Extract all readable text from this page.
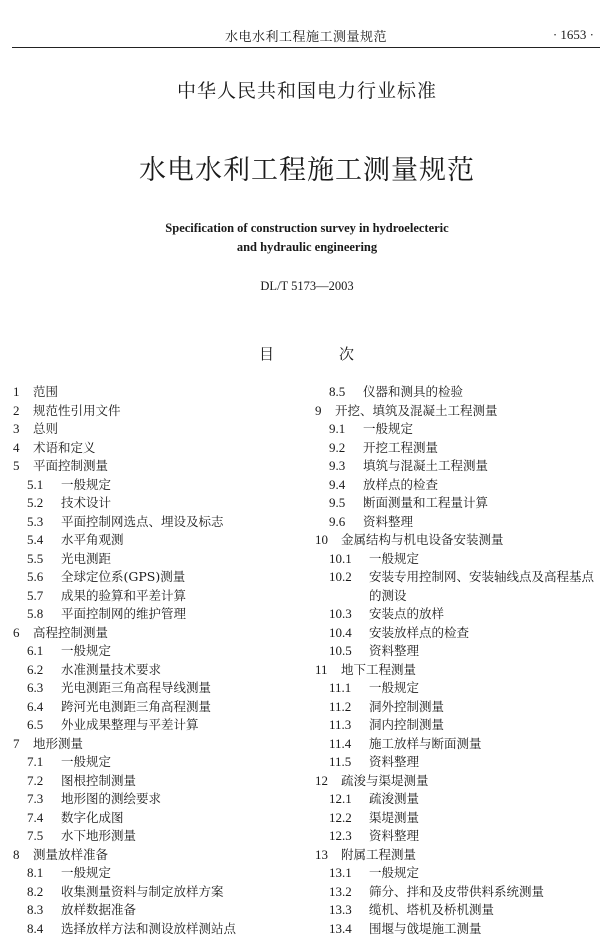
水电水利工程施工测量规范	· 1653 ·
中华人民共和国电力行业标准
水电水利工程施工测量规范
Specification of construction survey in hydroelecteric
and hydraulic engineering
DL/T 5173—2003
目	次
1 范围
2 规范性引用文件
3 总则
4 术语和定义
5 平面控制测量
5.1 一般规定
5.2 技术设计
5.3 平面控制网选点、埋设及标志
5.4 水平角观测
5.5 光电测距
5.6 全球定位系(GPS)测量
5.7 成果的验算和平差计算
5.8 平面控制网的维护管理
6 高程控制测量
6.1 一般规定
6.2 水准测量技术要求
6.3 光电测距三角高程导线测量
6.4 跨河光电测距三角高程测量
6.5 外业成果整理与平差计算
7 地形测量
7.1 一般规定
7.2 图根控制测量
7.3 地形图的测绘要求
7.4 数字化成图
7.5 水下地形测量
8 测量放样准备
8.1 一般规定
8.2 收集测量资料与制定放样方案
8.3 放样数据准备
8.4 选择放样方法和测设放样测站点
8.5 仪器和测具的检验
9 开挖、填筑及混凝土工程测量
9.1 一般规定
9.2 开挖工程测量
9.3 填筑与混凝土工程测量
9.4 放样点的检查
9.5 断面测量和工程量计算
9.6 资料整理
10 金属结构与机电设备安装测量
10.1 一般规定
10.2 安装专用控制网、安装轴线点及高程基点的测设
10.3 安装点的放样
10.4 安装放样点的检查
10.5 资料整理
11 地下工程测量
11.1 一般规定
11.2 洞外控制测量
11.3 洞内控制测量
11.4 施工放样与断面测量
11.5 资料整理
12 疏浚与渠堤测量
12.1 疏浚测量
12.2 渠堤测量
12.3 资料整理
13 附属工程测量
13.1 一般规定
13.2 筛分、拌和及皮带供料系统测量
13.3 缆机、塔机及桥机测量
13.4 围堰与戗堤施工测量
